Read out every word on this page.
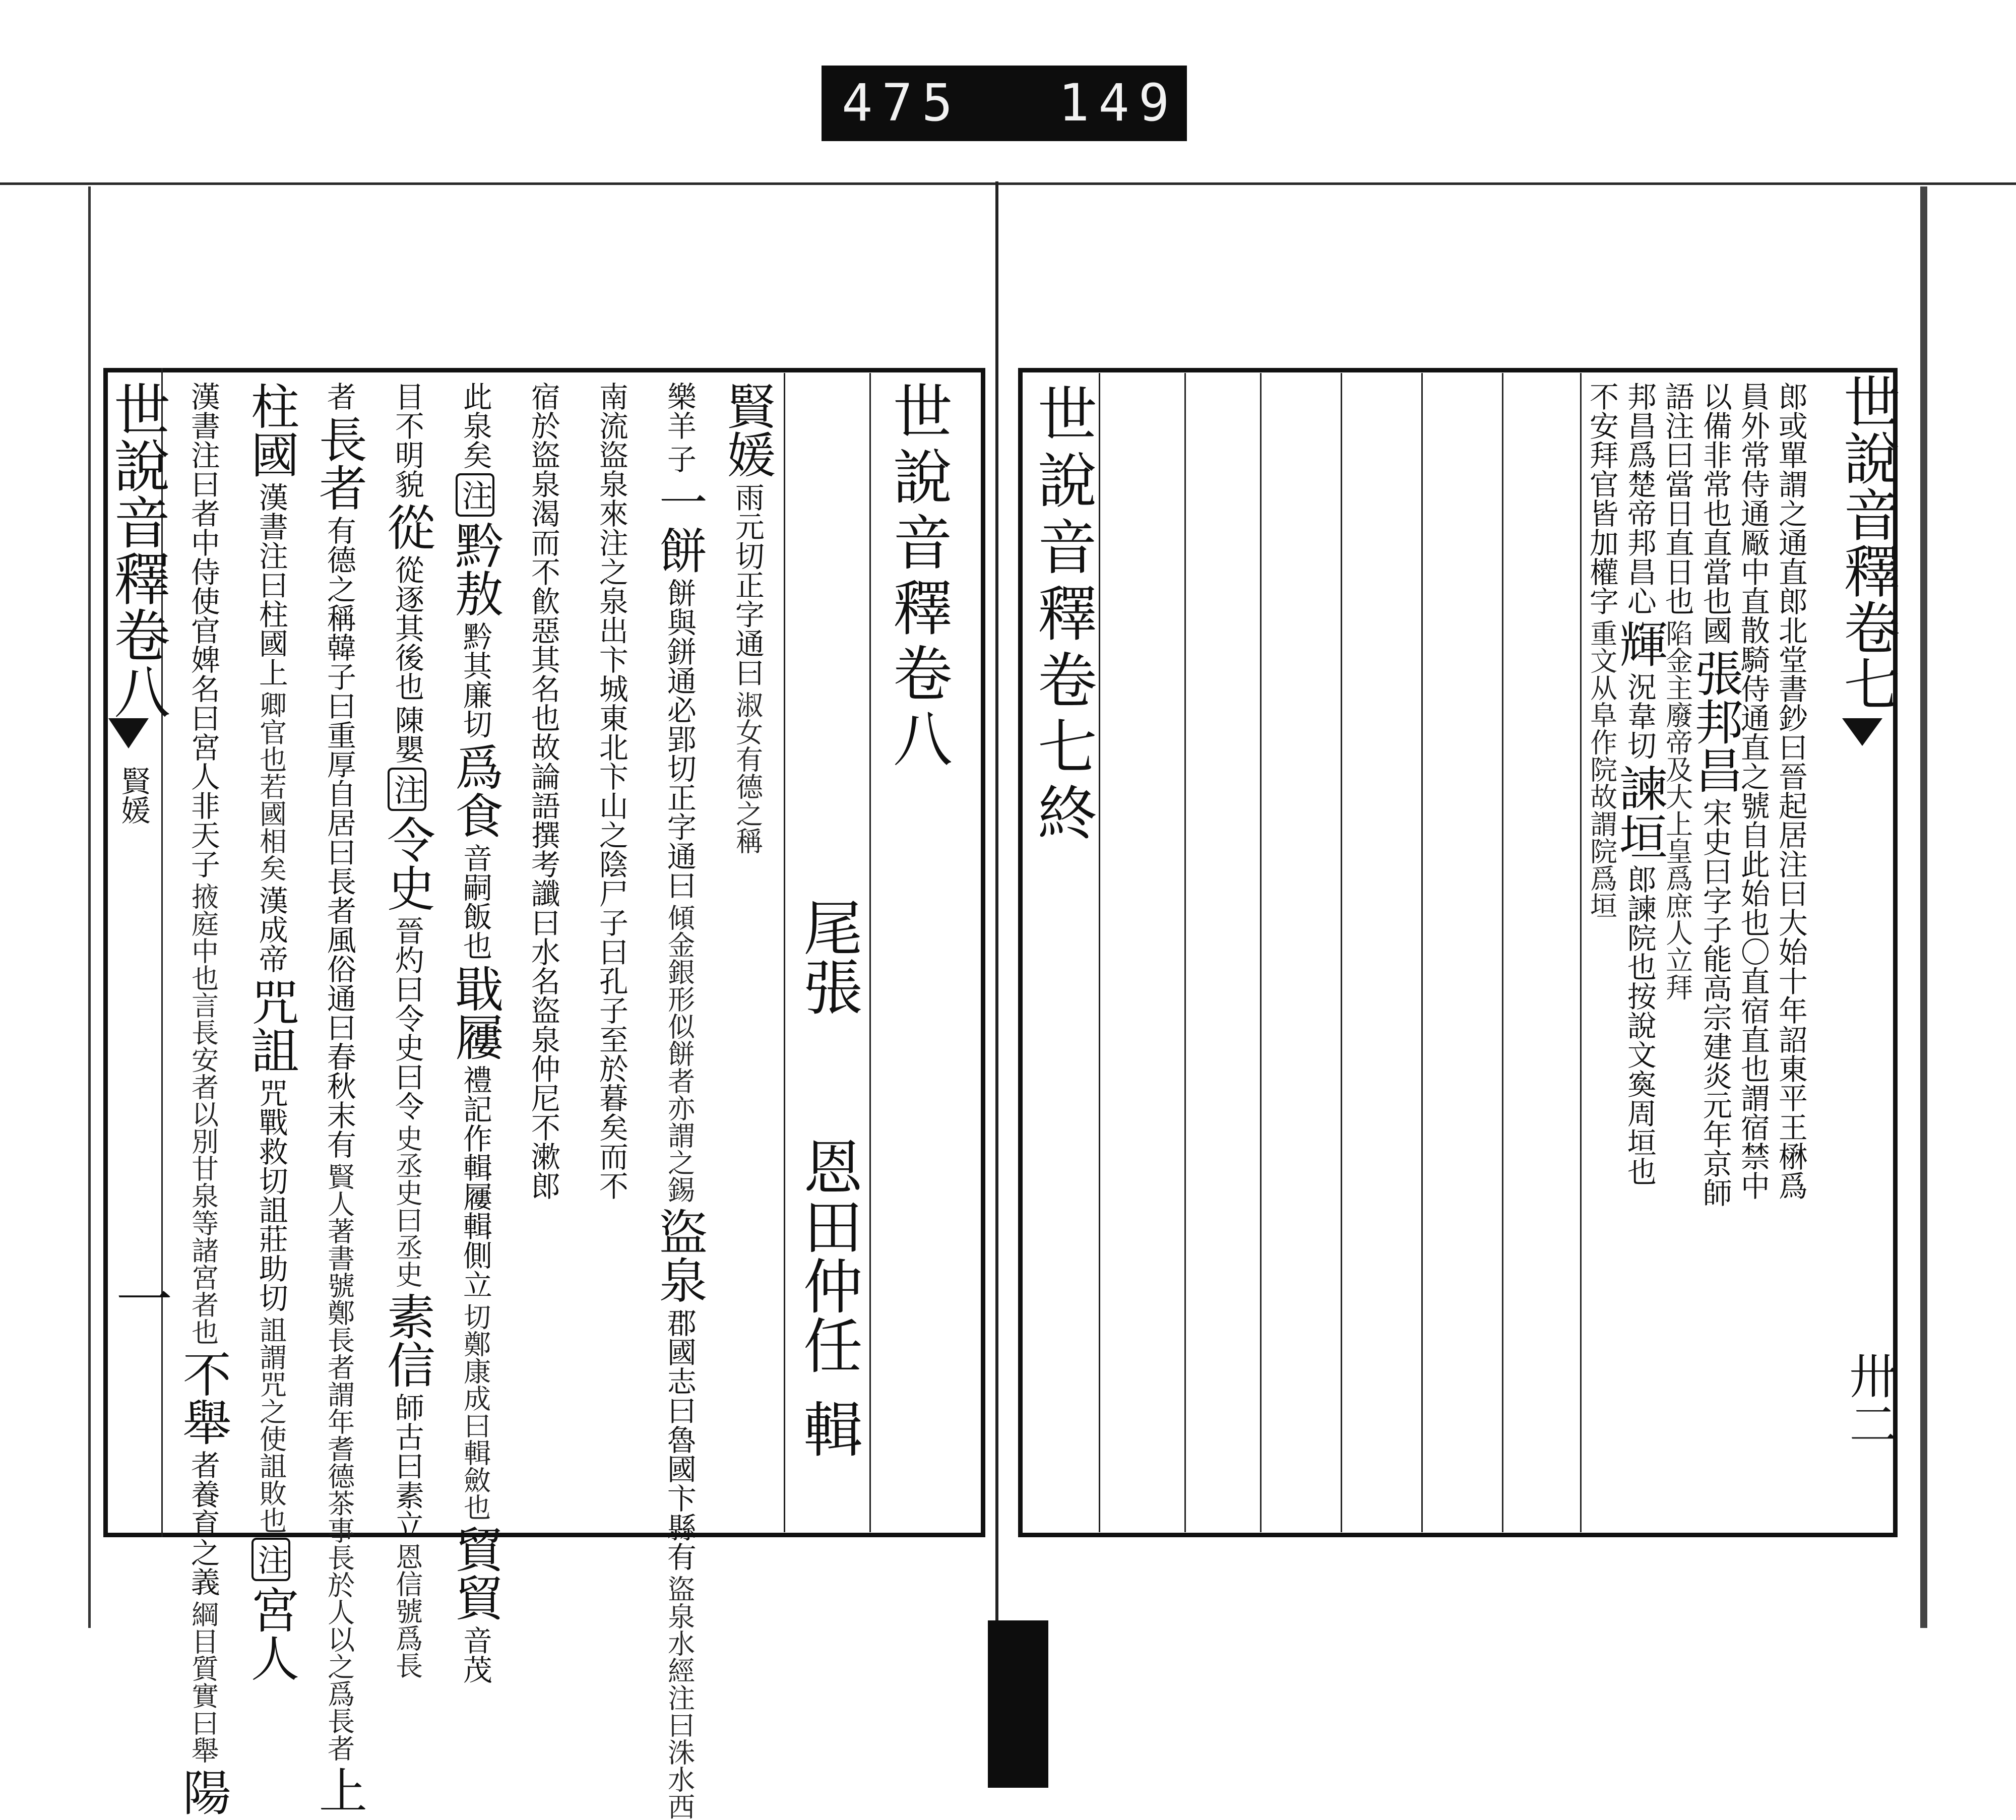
475 149
世說音釋卷八
賢媛
一
世說音釋卷八
尾張
恩田仲任
輯
賢媛
雨元切正字通曰
淑女有德之稱
樂羊
子
一餅
餅與鉼通必郢切正字通曰
傾金銀形似餅者亦謂之錫
盜泉
郡國志曰魯國卞縣有
盜泉水經注曰洙水西
南流盜泉來注之泉出卞城東北卞山之陰尸子曰孔子至於暮矣而不
宿於盜泉渴而不飮惡其名也故論語撰考讖曰水名盜泉仲尼不漱郎
此泉矣
注
黔敖
黔其廉切
爲食
音嗣飯也
戢屨
禮記作輯屨輯側立
切鄭康成曰輯斂也
貿貿
音茂
目不明貌
從
從逐其後也
陳嬰
注
令史
晉灼曰令史曰令
史丞史曰丞史
素信
師古曰素立
恩信號爲長
者
長者
有德之稱韓子曰重厚自居曰長者風俗通曰春秋末有
賢人著書號鄭長者謂年耆德茶事長於人以之爲長者
上
柱國
漢書注曰柱國上
卿官也若國相矣
漢成帝
咒詛
咒戰救切詛莊助切
詛謂咒之使詛敗也
注
宮人
漢書注曰者中侍使官婢名曰宮人非天子
掖庭中也言長安者以別甘泉等諸宮者也
不舉
者養育之義
綱目質實曰舉
陽
世說音釋卷七終	郎或單謂之通直郎北堂書鈔曰晉起居注曰大始十年詔東平王楙爲
員外常侍通厰中直散騎侍通直之號自此始也〇直宿直也謂宿禁中
以備非常也直當也國
張邦昌
宋史曰字子能高宗建炎元年京師
語注曰當日直日也
陷金主廢帝及大上皇爲庶人立拜
邦昌爲楚帝邦昌心
輝
況韋切
諫垣
郎諫院也按說文寏周垣也
不安拜官皆加權字
重文从阜作院故謂院爲垣
世說音釋卷七
卅二
